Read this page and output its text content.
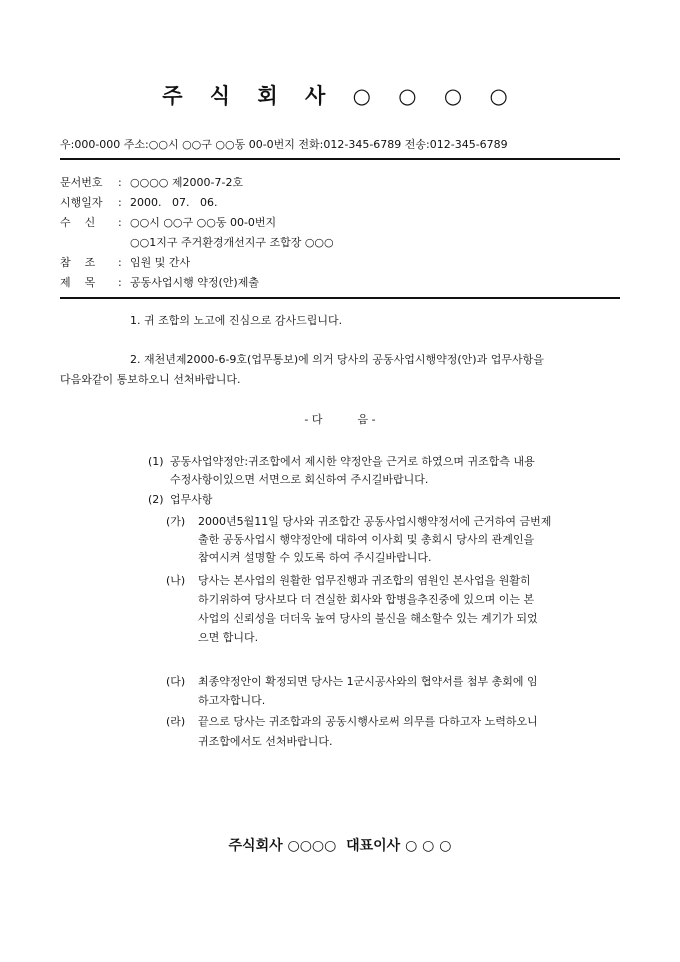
주 식 회 사 ○ ○ ○ ○
우:000-000 주소:○○시 ○○구 ○○동 00-0번지 전화:012-345-6789 전송:012-345-6789
문서번호 : ○○○○ 제2000-7-2호
시행일자 : 2000.   07.   06.
수    신 : ○○시 ○○구 ○○동 00-0번지
○○1지구 주거환경개선지구 조합장 ○○○
참    조 : 임원 및 간사
제    목 : 공동사업시행 약정(안)제출
1. 귀 조합의 노고에 진심으로 감사드립니다.
2. 재천년제2000-6-9호(업무통보)에 의거 당사의 공동사업시행약정(안)과 업무사항을
다음와같이 통보하오니 선처바랍니다.
- 다          음 -
(1) 공동사업약정안:귀조합에서 제시한 약정안을 근거로 하였으며 귀조합측 내용
수정사항이있으면 서면으로 회신하여 주시길바랍니다.
(2) 업무사항
(가) 2000년5월11일 당사와 귀조합간 공동사업시행약정서에 근거하여 금번제
출한 공동사업시 행약정안에 대하여 이사회 및 총회시 당사의 관계인을
참여시켜 설명할 수 있도록 하여 주시길바랍니다.
(나) 당사는 본사업의 원활한 업무진행과 귀조합의 염원인 본사업을 원활히
하기위하여 당사보다 더 견실한 회사와 합병을추진중에 있으며 이는 본
사업의 신뢰성을 더더욱 높여 당사의 불신을 해소할수 있는 계기가 되었
으면 합니다.
(다) 최종약정안이 확정되면 당사는 1군시공사와의 협약서를 첨부 총회에 임
하고자합니다.
(라) 끝으로 당사는 귀조합과의 공동시행사로써 의무를 다하고자 노력하오니
귀조합에서도 선처바랍니다.
주식회사 ○○○○  대표이사 ○ ○ ○
